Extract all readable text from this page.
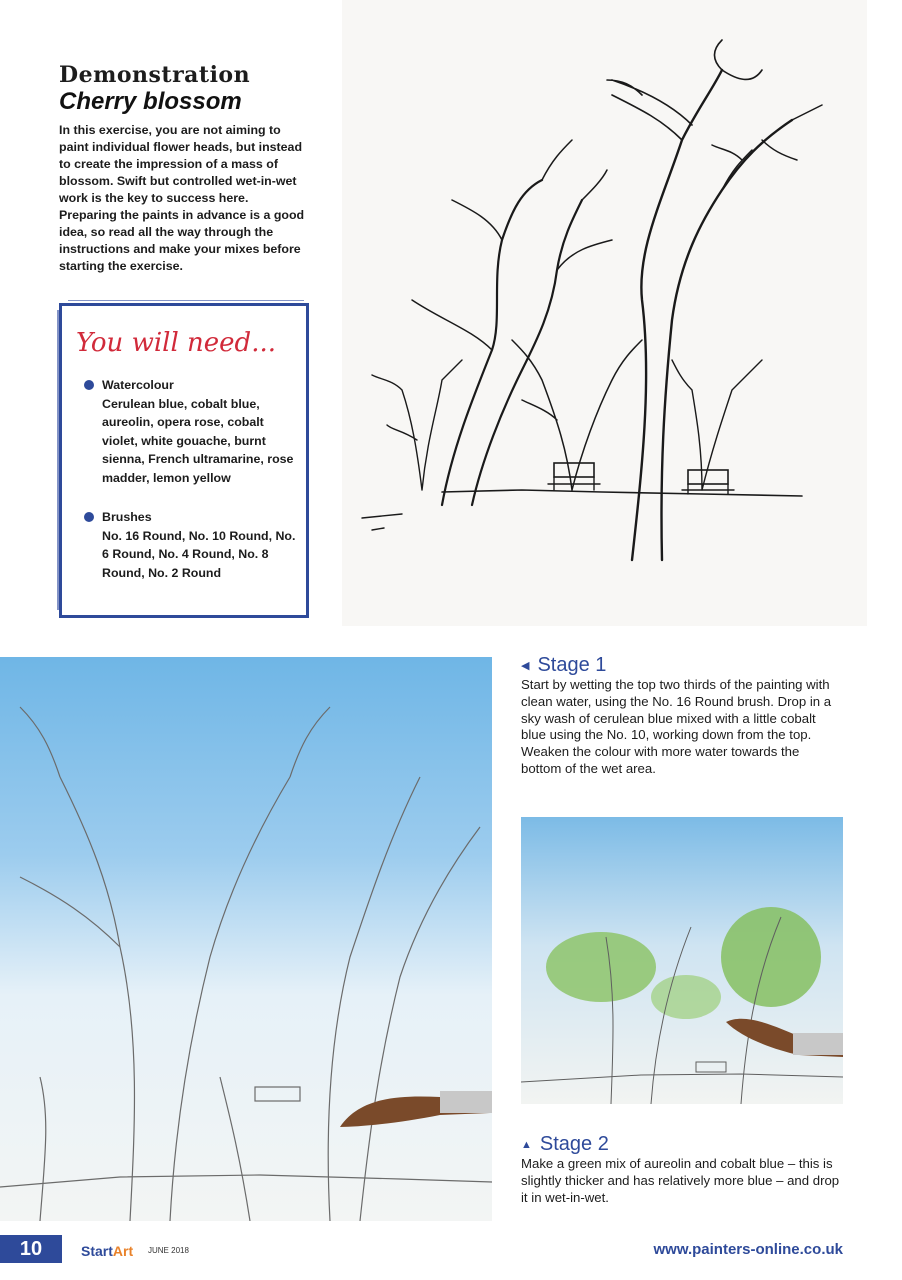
Demonstration
Cherry blossom

In this exercise, you are not aiming to paint individual flower heads, but instead to create the impression of a mass of blossom. Swift but controlled wet-in-wet work is the key to success here. Preparing the paints in advance is a good idea, so read all the way through the instructions and make your mixes before starting the exercise.

You will need...
Watercolour
Cerulean blue, cobalt blue, aureolin, opera rose, cobalt violet, white gouache, burnt sienna, French ultramarine, rose madder, lemon yellow
Brushes
No. 16 Round, No. 10 Round, No. 6 Round, No. 4 Round, No. 8 Round, No. 2 Round
◀ Stage 1

Start by wetting the top two thirds of the painting with clean water, using the No. 16 Round brush. Drop in a sky wash of cerulean blue mixed with a little cobalt blue using the No. 10, working down from the top. Weaken the colour with more water towards the bottom of the wet area.

▲ Stage 2

Make a green mix of aureolin and cobalt blue – this is slightly thicker and has relatively more blue – and drop it in wet-in-wet.

10	StartArt JUNE 2018	www.painters-online.co.uk
